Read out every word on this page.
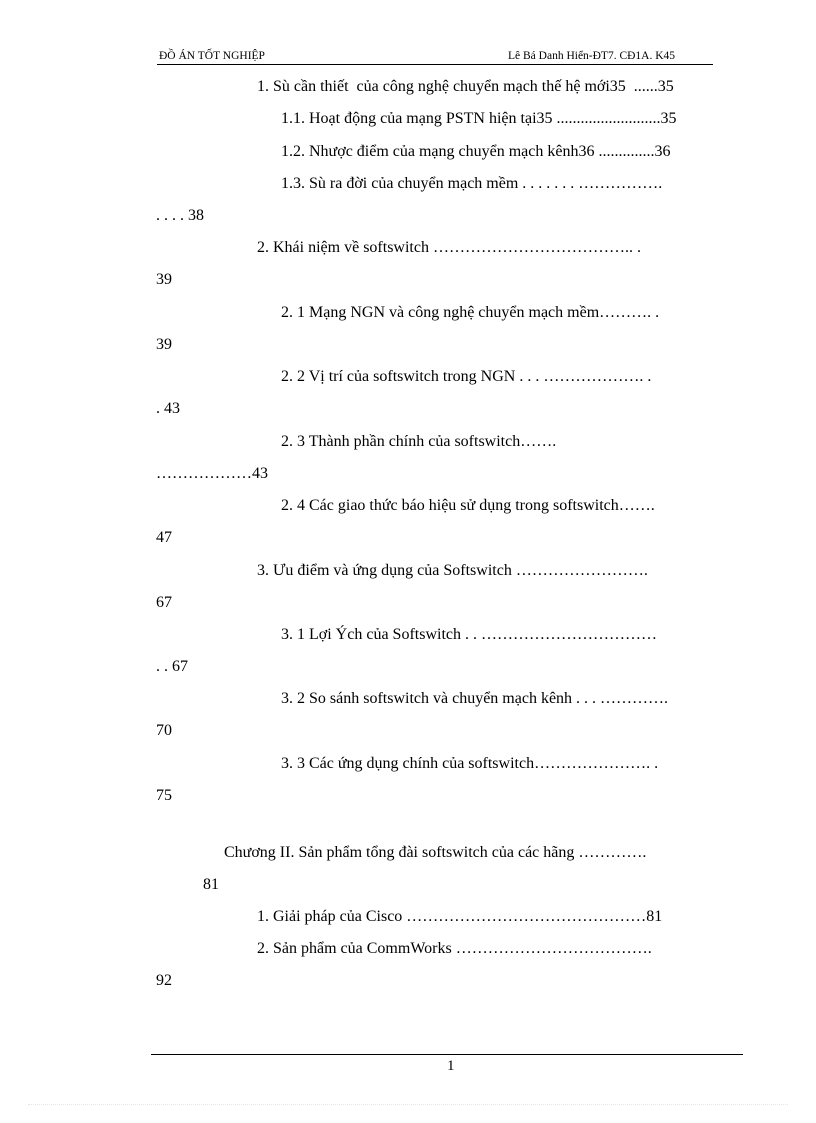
ĐỒ ÁN TỐT NGHIỆP	Lê Bá Danh Hiển-ĐT7. CĐ1A. K45
1. Sù cần thiết  của công nghệ chuyển mạch thế hệ mới35  ......35
1.1. Hoạt động của mạng PSTN hiện tại35 ..........................35
1.2. Nhược điểm của mạng chuyển mạch kênh36 ..............36
1.3. Sù ra đời của chuyển mạch mềm . . . . . . . …………….
. . . . 38
2. Khái niệm về softswitch ……………………………….. .
39
2. 1 Mạng NGN và công nghệ chuyển mạch mềm………. .
39
2. 2 Vị trí của softswitch trong NGN . . . ………………. .
. 43
2. 3 Thành phần chính của softswitch…….
………………43
2. 4 Các giao thức báo hiệu sử dụng trong softswitch…….
47
3. Ưu điểm và ứng dụng của Softswitch …………………….
67
3. 1 Lợi Ých của Softswitch . . ……………………………
. . 67
3. 2 So sánh softswitch và chuyển mạch kênh . . . ………….
70
3. 3 Các ứng dụng chính của softswitch…………………. .
75
Chương II. Sản phẩm tổng đài softswitch của các hãng ………….
81
1. Giải pháp của Cisco ………………………………………81
2. Sản phẩm của CommWorks ……………………………….
92
1
